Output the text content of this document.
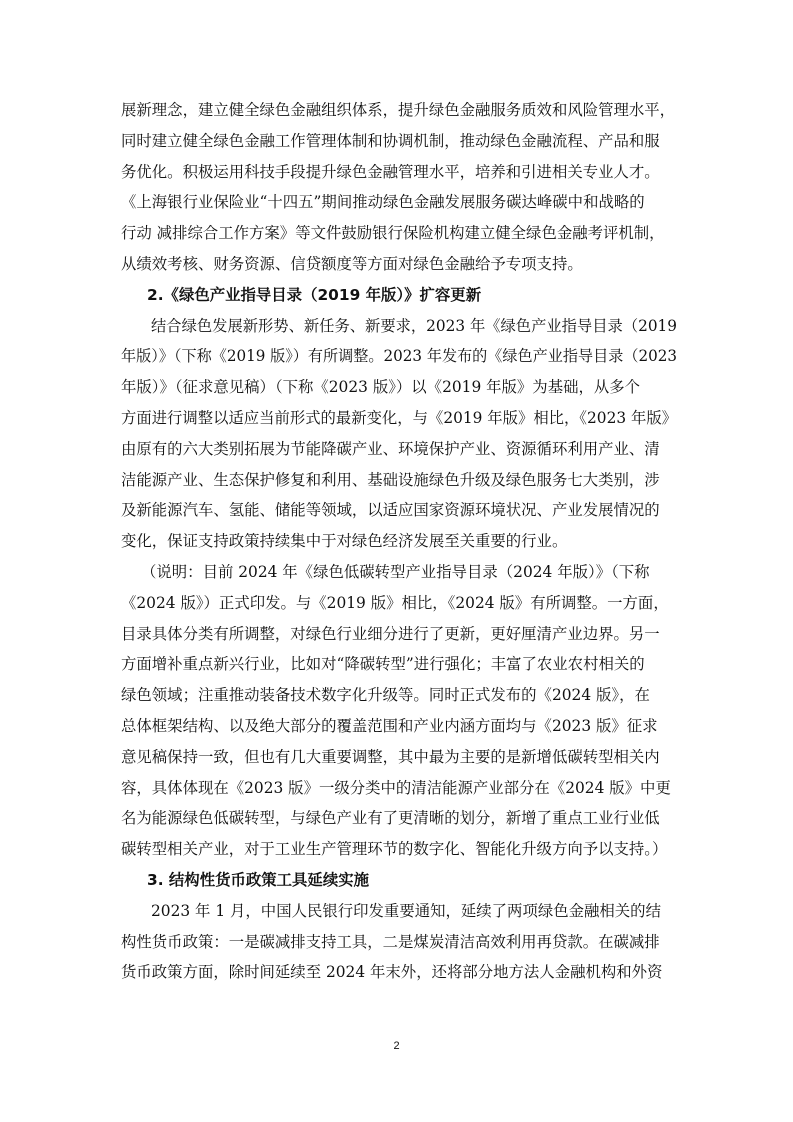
展新理念，建立健全绿色金融组织体系，提升绿色金融服务质效和风险管理水平，
同时建立健全绿色金融工作管理体制和协调机制，推动绿色金融流程、产品和服
务优化。积极运用科技手段提升绿色金融管理水平，培养和引进相关专业人才。
《上海银行业保险业“十四五”期间推动绿色金融发展服务碳达峰碳中和战略的
行动 减排综合工作方案》等文件鼓励银行保险机构建立健全绿色金融考评机制，
从绩效考核、财务资源、信贷额度等方面对绿色金融给予专项支持。
2.《绿色产业指导目录（2019 年版）》扩容更新
结合绿色发展新形势、新任务、新要求，2023 年《绿色产业指导目录（2019
年版）》（下称《2019 版》）有所调整。2023 年发布的《绿色产业指导目录（2023
年版）》（征求意见稿）（下称《2023 版》）以《2019 年版》为基础，从多个
方面进行调整以适应当前形式的最新变化，与《2019 年版》相比，《2023 年版》
由原有的六大类别拓展为节能降碳产业、环境保护产业、资源循环利用产业、清
洁能源产业、生态保护修复和利用、基础设施绿色升级及绿色服务七大类别，涉
及新能源汽车、氢能、储能等领域，以适应国家资源环境状况、产业发展情况的
变化，保证支持政策持续集中于对绿色经济发展至关重要的行业。
（说明：目前 2024 年《绿色低碳转型产业指导目录（2024 年版）》（下称
《2024 版》）正式印发。与《2019 版》相比，《2024 版》有所调整。一方面，
目录具体分类有所调整，对绿色行业细分进行了更新，更好厘清产业边界。另一
方面增补重点新兴行业，比如对“降碳转型”进行强化；丰富了农业农村相关的
绿色领域；注重推动装备技术数字化升级等。同时正式发布的《2024 版》，在
总体框架结构、以及绝大部分的覆盖范围和产业内涵方面均与《2023 版》征求
意见稿保持一致，但也有几大重要调整，其中最为主要的是新增低碳转型相关内
容，具体体现在《2023 版》一级分类中的清洁能源产业部分在《2024 版》中更
名为能源绿色低碳转型，与绿色产业有了更清晰的划分，新增了重点工业行业低
碳转型相关产业，对于工业生产管理环节的数字化、智能化升级方向予以支持。）
3. 结构性货币政策工具延续实施
2023 年 1 月，中国人民银行印发重要通知，延续了两项绿色金融相关的结
构性货币政策：一是碳减排支持工具，二是煤炭清洁高效利用再贷款。在碳减排
货币政策方面，除时间延续至 2024 年末外，还将部分地方法人金融机构和外资
2
